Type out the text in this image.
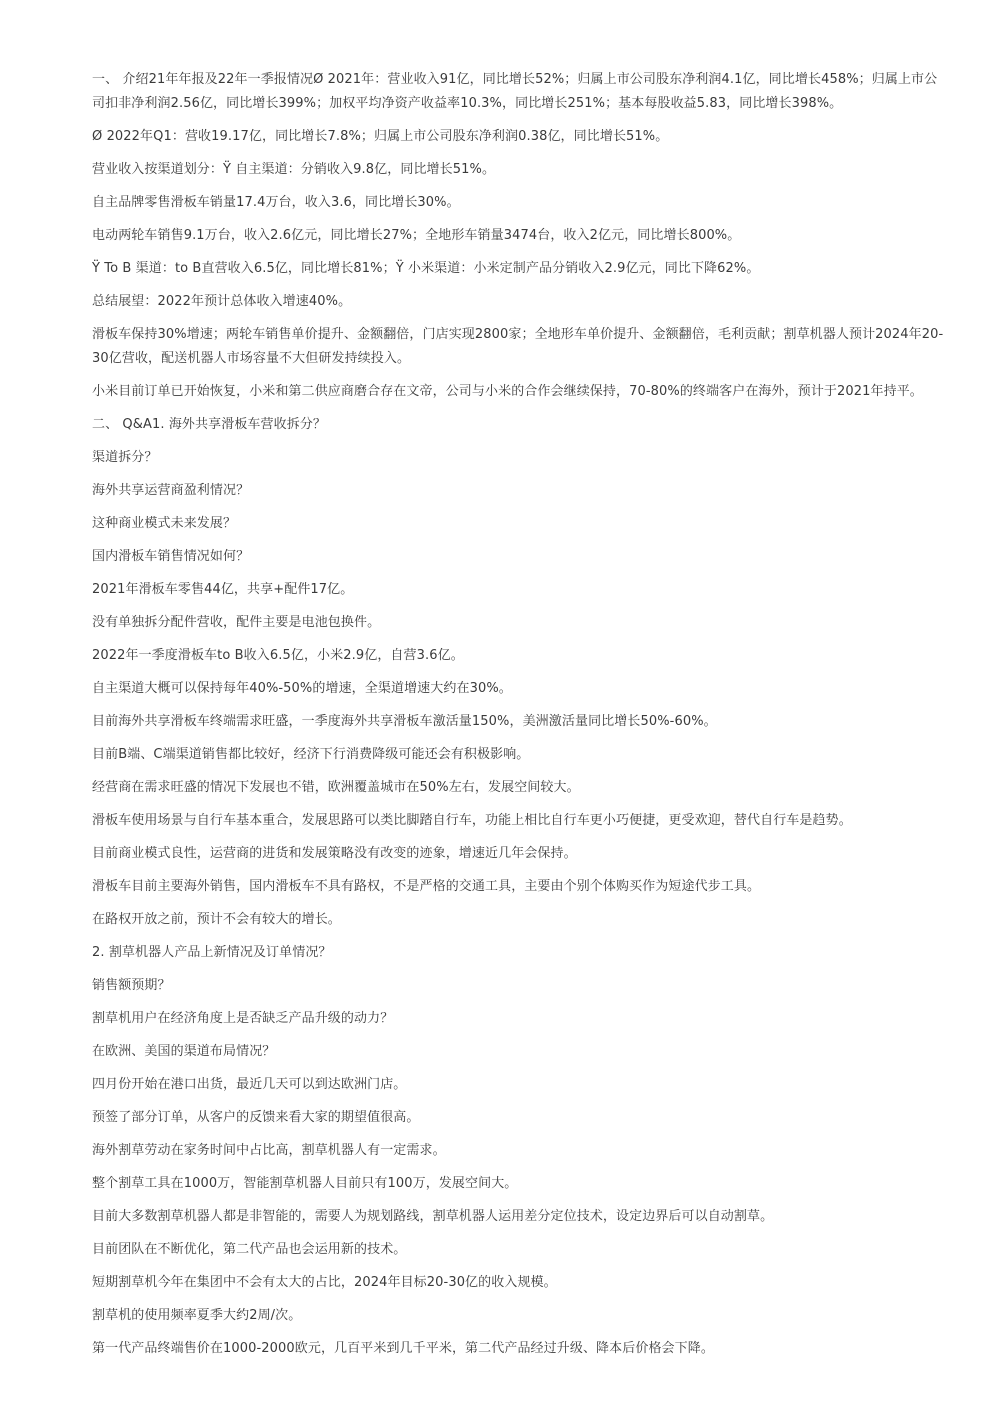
一、 介绍21年年报及22年一季报情况Ø 2021年：营业收入91亿，同比增长52%；归属上市公司股东净利润4.1亿，同比增长458%；归属上市公司扣非净利润2.56亿，同比增长399%；加权平均净资产收益率10.3%，同比增长251%；基本每股收益5.83，同比增长398%。

Ø 2022年Q1：营收19.17亿，同比增长7.8%；归属上市公司股东净利润0.38亿，同比增长51%。

营业收入按渠道划分：Ÿ 自主渠道：分销收入9.8亿，同比增长51%。

自主品牌零售滑板车销量17.4万台，收入3.6，同比增长30%。

电动两轮车销售9.1万台，收入2.6亿元，同比增长27%；全地形车销量3474台，收入2亿元，同比增长800%。

Ÿ To B 渠道：to B直营收入6.5亿，同比增长81%；Ÿ 小米渠道：小米定制产品分销收入2.9亿元，同比下降62%。

总结展望：2022年预计总体收入增速40%。

滑板车保持30%增速；两轮车销售单价提升、金额翻倍，门店实现2800家；全地形车单价提升、金额翻倍，毛利贡献；割草机器人预计2024年20-30亿营收，配送机器人市场容量不大但研发持续投入。

小米目前订单已开始恢复，小米和第二供应商磨合存在文帝，公司与小米的合作会继续保持，70-80%的终端客户在海外，预计于2021年持平。

二、 Q&A1. 海外共享滑板车营收拆分？

渠道拆分？

海外共享运营商盈利情况？

这种商业模式未来发展？

国内滑板车销售情况如何？

2021年滑板车零售44亿，共享+配件17亿。

没有单独拆分配件营收，配件主要是电池包换件。

2022年一季度滑板车to B收入6.5亿，小米2.9亿，自营3.6亿。

自主渠道大概可以保持每年40%-50%的增速，全渠道增速大约在30%。

目前海外共享滑板车终端需求旺盛，一季度海外共享滑板车激活量150%，美洲激活量同比增长50%-60%。

目前B端、C端渠道销售都比较好，经济下行消费降级可能还会有积极影响。

经营商在需求旺盛的情况下发展也不错，欧洲覆盖城市在50%左右，发展空间较大。

滑板车使用场景与自行车基本重合，发展思路可以类比脚踏自行车，功能上相比自行车更小巧便捷，更受欢迎，替代自行车是趋势。

目前商业模式良性，运营商的进货和发展策略没有改变的迹象，增速近几年会保持。

滑板车目前主要海外销售，国内滑板车不具有路权，不是严格的交通工具，主要由个别个体购买作为短途代步工具。

在路权开放之前，预计不会有较大的增长。

2. 割草机器人产品上新情况及订单情况？

销售额预期？

割草机用户在经济角度上是否缺乏产品升级的动力？

在欧洲、美国的渠道布局情况？

四月份开始在港口出货，最近几天可以到达欧洲门店。

预签了部分订单，从客户的反馈来看大家的期望值很高。

海外割草劳动在家务时间中占比高，割草机器人有一定需求。

整个割草工具在1000万，智能割草机器人目前只有100万，发展空间大。

目前大多数割草机器人都是非智能的，需要人为规划路线，割草机器人运用差分定位技术，设定边界后可以自动割草。

目前团队在不断优化，第二代产品也会运用新的技术。

短期割草机今年在集团中不会有太大的占比，2024年目标20-30亿的收入规模。

割草机的使用频率夏季大约2周/次。

第一代产品终端售价在1000-2000欧元，几百平米到几千平米，第二代产品经过升级、降本后价格会下降。
